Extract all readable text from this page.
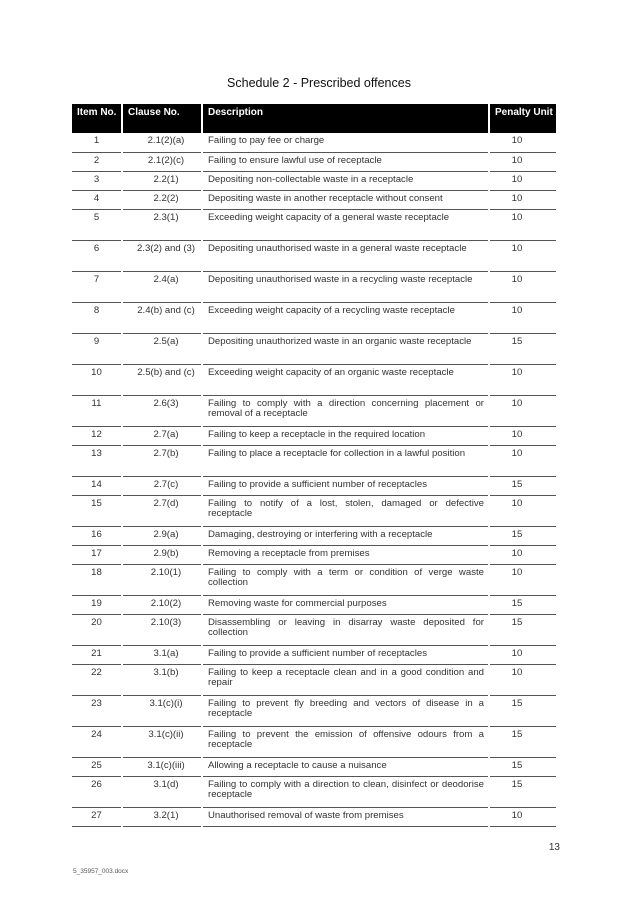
Schedule 2 - Prescribed offences
Item No.	Clause No.	Description	Penalty Unit
1	2.1(2)(a)	Failing to pay fee or charge	10
2	2.1(2)(c)	Failing to ensure lawful use of receptacle	10
3	2.2(1)	Depositing non-collectable waste in a receptacle	10
4	2.2(2)	Depositing waste in another receptacle without consent	10
5	2.3(1)	Exceeding weight capacity of a general waste receptacle	10
6	2.3(2) and (3)	Depositing unauthorised waste in a general waste receptacle	10
7	2.4(a)	Depositing unauthorised waste in a recycling waste receptacle	10
8	2.4(b) and (c)	Exceeding weight capacity of a recycling waste receptacle	10
9	2.5(a)	Depositing unauthorized waste in an organic waste receptacle	15
10	2.5(b) and (c)	Exceeding weight capacity of an organic waste receptacle	10
11	2.6(3)	Failing to comply with a direction concerning placement or removal of a receptacle	10
12	2.7(a)	Failing to keep a receptacle in the required location	10
13	2.7(b)	Failing to place a receptacle for collection in a lawful position	10
14	2.7(c)	Failing to provide a sufficient number of receptacles	15
15	2.7(d)	Failing to notify of a lost, stolen, damaged or defective receptacle	10
16	2.9(a)	Damaging, destroying or interfering with a receptacle	15
17	2.9(b)	Removing a receptacle from premises	10
18	2.10(1)	Failing to comply with a term or condition of verge waste collection	10
19	2.10(2)	Removing waste for commercial purposes	15
20	2.10(3)	Disassembling or leaving in disarray waste deposited for collection	15
21	3.1(a)	Failing to provide a sufficient number of receptacles	10
22	3.1(b)	Failing to keep a receptacle clean and in a good condition and repair	10
23	3.1(c)(i)	Failing to prevent fly breeding and vectors of disease in a receptacle	15
24	3.1(c)(ii)	Failing to prevent the emission of offensive odours from a receptacle	15
25	3.1(c)(iii)	Allowing a receptacle to cause a nuisance	15
26	3.1(d)	Failing to comply with a direction to clean, disinfect or deodorise receptacle	15
27	3.2(1)	Unauthorised removal of waste from premises	10
13
5_35957_003.docx
